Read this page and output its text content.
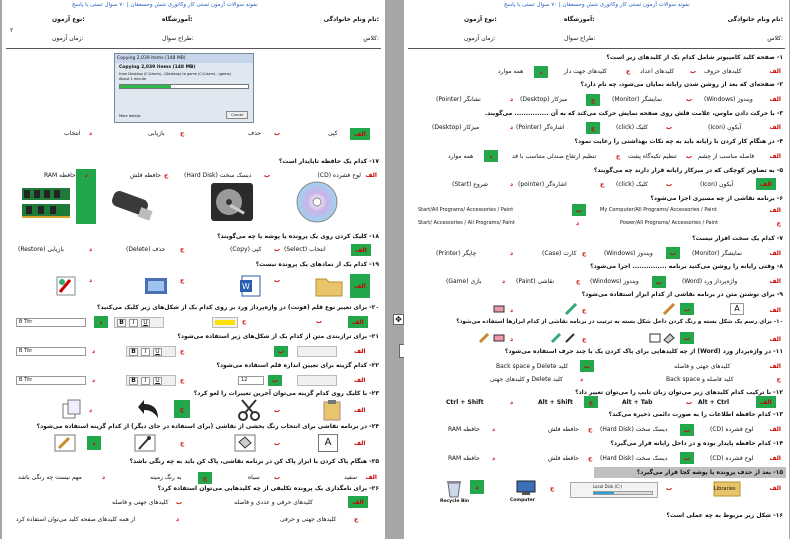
نمونه سوالات آزمون تستی کار وکاتوری شش وحسعفان | ۷۰ سوال تستی با پاسخ
نام ونام خانوادگی:
آموزشگاه:
نوع آزمون:
کلاس:
طراح سوال:
زمان آزمون:
۲
Copying 2,039 items (148 MB)
Copying 2,039 items (148 MB)
from Desktop (C:\Users\...\Desktop) to game (C:\Users\...\game)
About 1 minute
More details	Cancel
الف
کپی
ب
حذف
ج
بازیابی
د
انتخاب
۱۷- کدام یک حافظه ناپایدار است؟
الف
لوح فشرده (CD)
ب
دیسک سخت (Hard Disk)
ج
حافظه فلش
د
حافظه RAM
۱۸- کلیک کردن روی یک پرونده یا پوشه یا چه می‌گویند؟
الف
انتخاب (Select)
ب
کپی (Copy)
ج
حذف (Delete)
د
بازیابی (Restore)
۱۹- کدام یک از نمادهای یک پرونده نیست؟
الف
ب
W
ج
د
۲۰- برای تغییر نوع قلم (فونت) در واژه‌پرداز ورد بر روی کدام یک از شکل‌های زیر کلیک می‌کنید؟
الف
ب
ج
د
B Titr	B	I	U
۲۱- برای ترازبندی متن از کدام یک از شکل‌های زیر استفاده می‌شود؟
الف
ب
ج
B	I	U
د
B Titr
۲۲- کدام گزینه برای تعیین اندازه قلم استفاده می‌شود؟
الف
ب
12
ج
B	I	U
د
B Titr
۲۳- با کلیک روی کدام گزینه می‌توان آخرین تغییرات را لغو کرد؟
الف
ب
ج
د
۲۴- در برنامه نقاشی برای انتخاب رنگ بخشی از نقاشی (برای استفاده در جای دیگر) از کدام گزینه استفاده می‌شود؟
الف
A
ب
ج
د
۲۵- هنگام پاک کردن با ابزار پاک کن در برنامه نقاشی، پاک کن باید به چه رنگی باشد؟
الف
سفید
ب
سیاه
ج
به رنگ زمینه
د
مهم نیست چه رنگی باشد
۲۶- برای نامگذاری یک پرونده تکلیفی از چه کلیدهایی می‌توان استفاده کرد؟
الف
کلیدهای حرفی و عددی و فاصله
ب
کلیدهای جهتی و فاصله
ج
کلیدهای جهتی و حرفی
د
از همه کلیدهای صفحه کلید می‌توان استفاده کرد
✥
نمونه سوالات آزمون تستی کار وکاتوری شش وحسعفان | ۷۰ سوال تستی با پاسخ
نام ونام خانوادگی:
آموزشگاه:
نوع آزمون:
کلاس:
طراح سوال:
زمان آزمون:
۱- صفحه کلید کامپیوتر شامل کدام یک از کلیدهای زیر است؟
الف
کلیدهای حروف
ب
کلیدهای اعداد
ج
کلیدهای جهت دار
د
همه موارد
۲- صفحه‌ای که بعد از روشن شدن رایانه نمایان می‌شود، چه نام دارد؟
الف
ویندوز (Windows)
ب
نمایشگر (Monitor)
ج
میزکار (Desktop)
د
نشانگر (Pointer)
۳- با حرکت دادن ماوس، علامت فلش روی صفحه نمایش حرکت می‌کند که به آن ............... می‌گویند.
الف
آیکون (Icon)
ب
کلیک (click)
ج
اشاره‌گر (Pointer)
د
میزکار (Desktop)
۴- در هنگام کار کردن با رایانه باید به چه نکات بهداشتی را رعایت نمود؟
الف
فاصله مناسب از چشم
ب
تنظیم تکیه‌گاه پشت
ج
تنظیم ارتفاع صندلی متناسب با قد
د
همه موارد
۵- به تصاویر کوچکی که در میزکار رایانه قرار دارند چه می‌گویند؟
الف
آیکون (Icon)
ب
کلیک (click)
ج
اشاره‌گر (pointer)
د
شروع (Start)
۶- برنامه نقاشی از چه مسیری اجرا می‌شود؟
الف
My Computer/All Programs/ Accessories / Paint
ب
Start/All Programs/ Accessories / Paint
ج
Power/All Programs/ Accessories / Paint
د
Start/ Accessories / All Programs/ Paint
۷- کدام یک سخت افزار نیست؟
الف
نمایشگر (Monitor)
ب
ویندوز (Windows)
ج
کارت (Case)
د
چاپگر (Printer)
۸- وقتی رایانه را روشن می‌کنید برنامه ............... اجرا می‌شود؟
الف
واژه‌پرداز ورد (Word)
ب
ویندوز (Windows)
ج
نقاشی (Paint)
د
بازی (Game)
۹- برای نوشتن متن در برنامه نقاشی از کدام ابزار استفاده می‌شود؟
الف
A
ب
ج
د
۱۰- برای رسم یک شکل بسته و رنگ کردن داخل شکل بسته به ترتیب در برنامه نقاشی از کدام ابزارها استفاده می‌شود؟
الف
ب
ج
د
۱۱- در واژه‌پرداز ورد (Word) از چه کلیدهایی برای پاک کردن یک یا چند حرف استفاده می‌شود؟
الف
کلیدهای جهتی و فاصله
ب
کلید Delete و Back space
ج
کلید فاصله و Back space
د
کلید Delete و کلیدهای جهتی
۱۲- با ترکیب کدام کلیدهای زیر می‌توان زبان تایپ را می‌توان تغییر داد؟
الف
Alt + Ctrl
ب
Alt + Tab
ج
Alt + Shift
د
Ctrl + Shift
۱۳- کدام حافظه اطلاعات را به صورت دائمی ذخیره می‌کند؟
الف
لوح فشرده (CD)
ب
دیسک سخت (Hard Disk)
ج
حافظه فلش
د
حافظه RAM
۱۴- کدام حافظه پایدار بوده و در داخل رایانه قرار می‌گیرد؟
الف
لوح فشرده (CD)
ب
دیسک سخت (Hard Disk)
ج
حافظه فلش
د
حافظه RAM
۱۵- بعد از حذف پرونده یا پوشه کجا قرار می‌گیرد؟
الف
Libraries
ب
Local Disk (C:)
ج
Computer
د
Recycle Bin
۱۶- شکل زیر مربوط به چه عملی است؟
